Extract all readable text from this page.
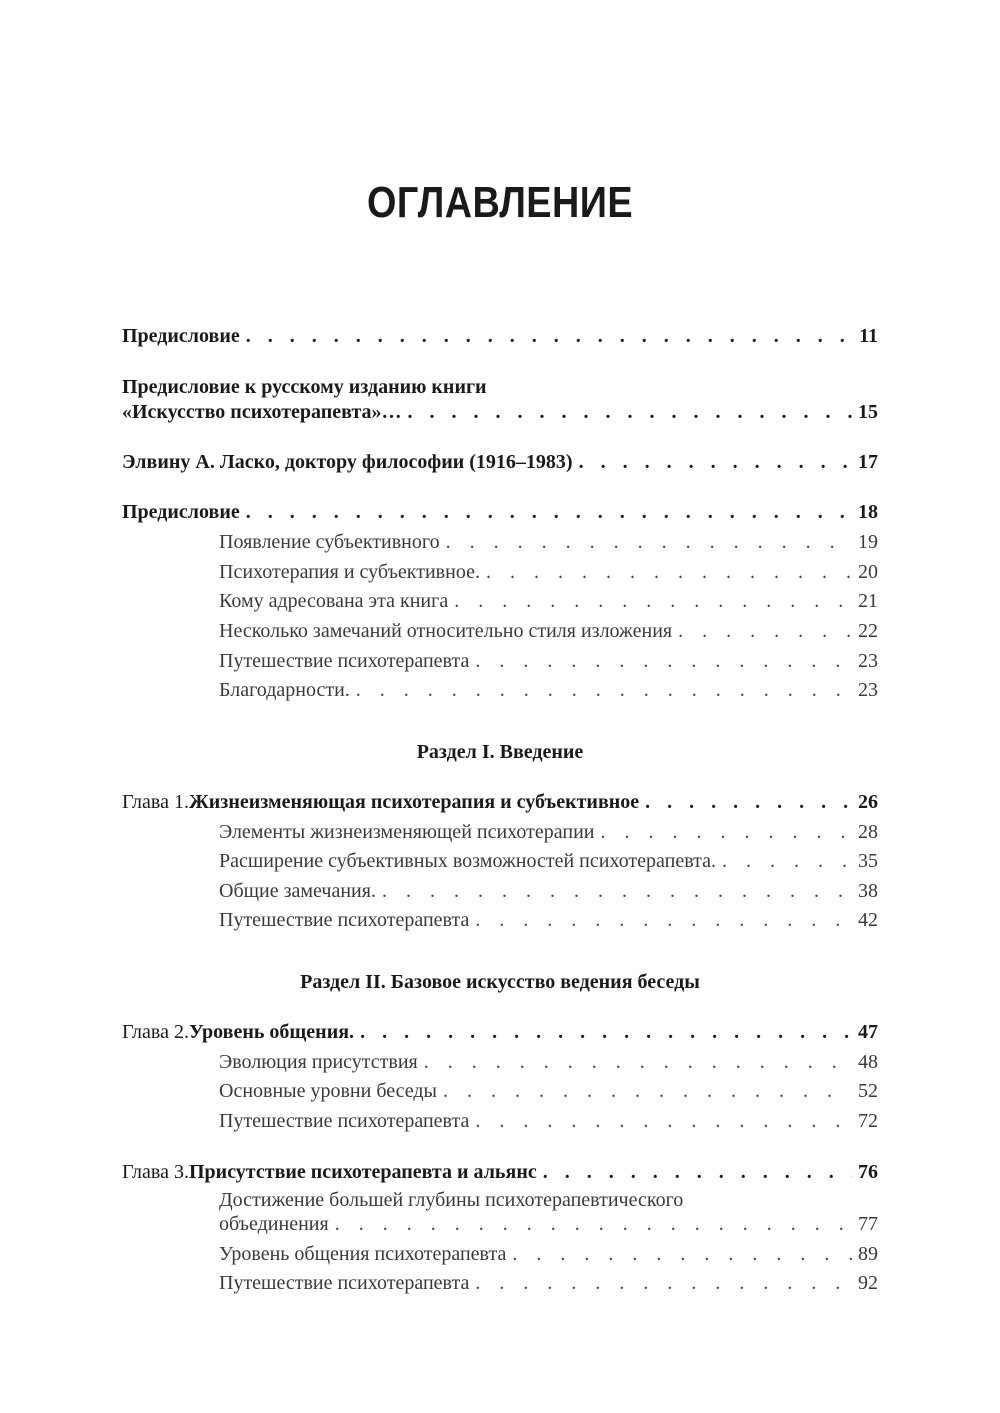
ОГЛАВЛЕНИЕ
Предисловие . . .	11
Предисловие к русскому изданию книги
«Искусство психотерапевта»… . . .	15
Элвину А. Ласко, доктору философии (1916–1983) . . .	17
Предисловие . . .	18
Появление субъективного . . .	19
Психотерапия и субъективное. . . .	20
Кому адресована эта книга . . .	21
Несколько замечаний относительно стиля изложения . . .	22
Путешествие психотерапевта . . .	23
Благодарности. . . .	23
Раздел I. Введение
Глава 1. Жизнеизменяющая психотерапия и субъективное . . .	26
Элементы жизнеизменяющей психотерапии . . .	28
Расширение субъективных возможностей психотерапевта. . . .	35
Общие замечания. . . .	38
Путешествие психотерапевта . . .	42
Раздел II. Базовое искусство ведения беседы
Глава 2. Уровень общения. . . .	47
Эволюция присутствия . . .	48
Основные уровни беседы . . .	52
Путешествие психотерапевта . . .	72
Глава 3. Присутствие психотерапевта и альянс . . .	76
Достижение большей глубины психотерапевтического
объединения . . .	77
Уровень общения психотерапевта . . .	89
Путешествие психотерапевта . . .	92
